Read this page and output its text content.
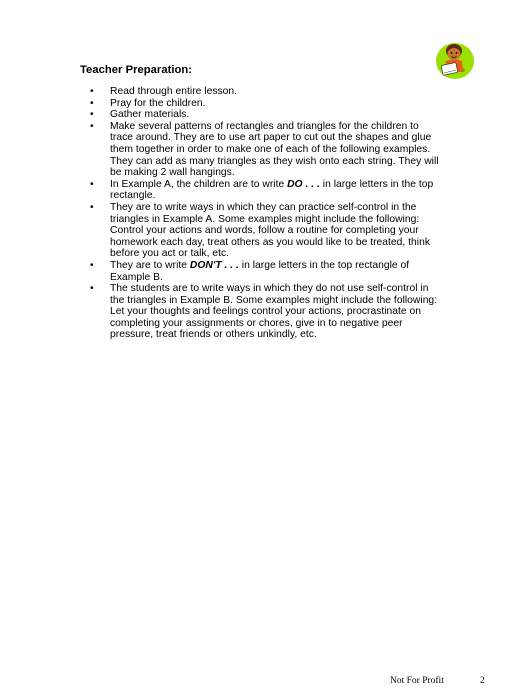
Teacher Preparation:
• Read through entire lesson.
• Pray for the children.
• Gather materials.
• Make several patterns of rectangles and triangles for the children to trace around. They are to use art paper to cut out the shapes and glue them together in order to make one of each of the following examples. They can add as many triangles as they wish onto each string. They will be making 2 wall hangings.
• In Example A, the children are to write DO . . . in large letters in the top rectangle.
• They are to write ways in which they can practice self-control in the triangles in Example A. Some examples might include the following: Control your actions and words, follow a routine for completing your homework each day, treat others as you would like to be treated, think before you act or talk, etc.
• They are to write DON'T . . . in large letters in the top rectangle of Example B.
• The students are to write ways in which they do not use self-control in the triangles in Example B. Some examples might include the following: Let your thoughts and feelings control your actions, procrastinate on completing your assignments or chores, give in to negative peer pressure, treat friends or others unkindly, etc.
Not For Profit	2
